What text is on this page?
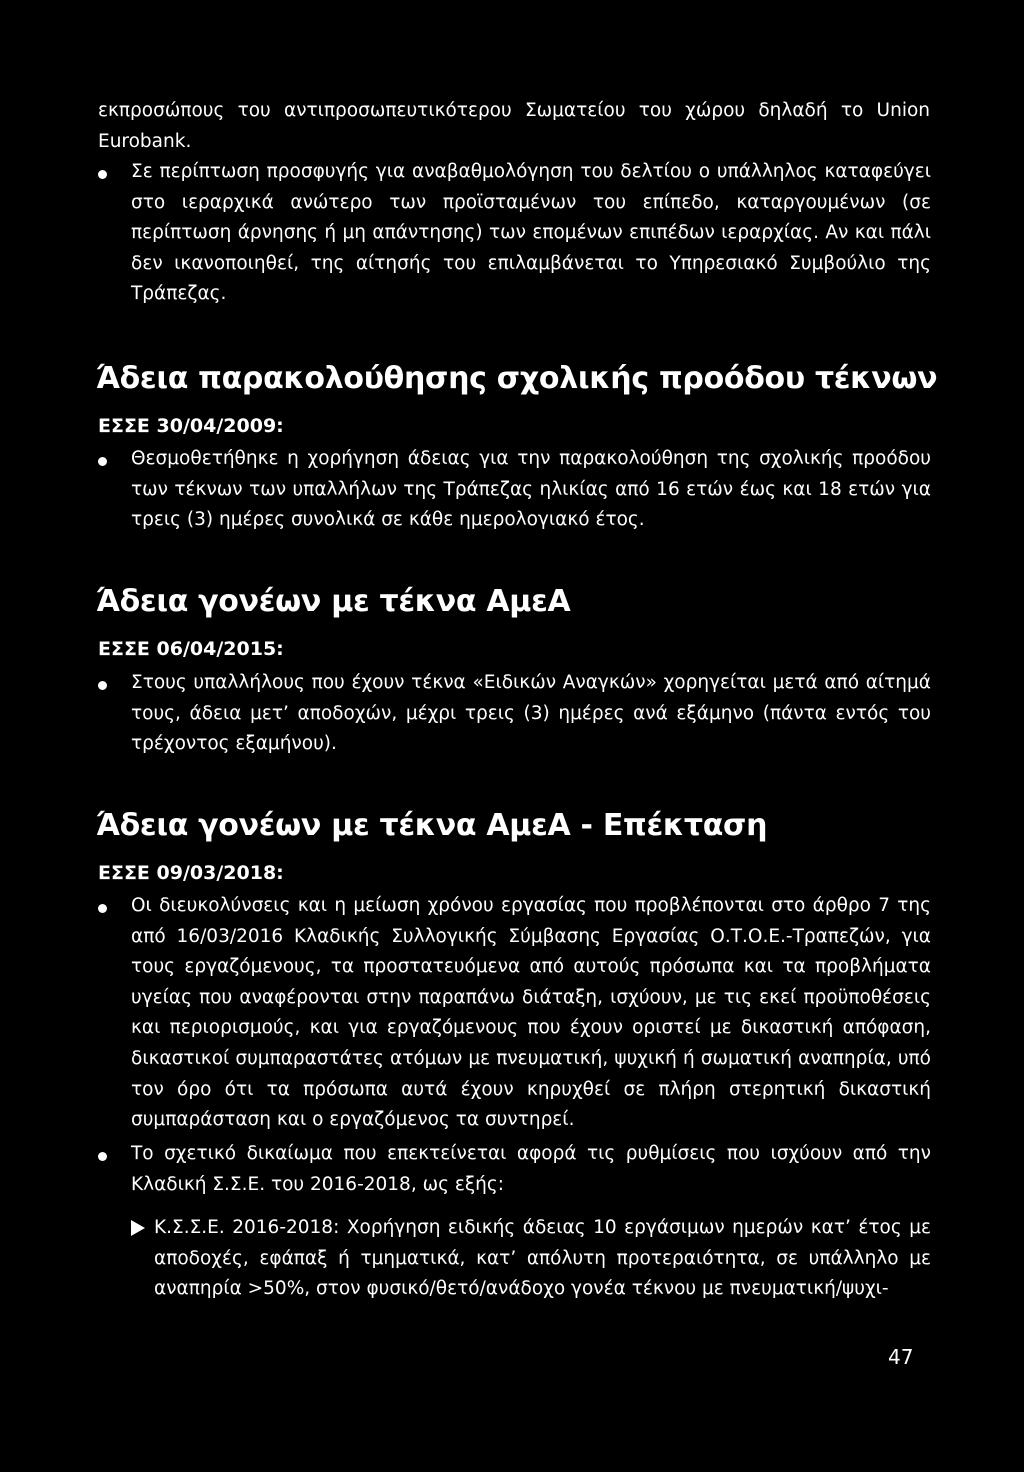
εκπροσώπους του αντιπροσωπευτικότερου Σωματείου του χώρου δηλαδή το Union Eurobank.
Σε περίπτωση προσφυγής για αναβαθμολόγηση του δελτίου ο υπάλληλος καταφεύγει στο ιεραρχικά ανώτερο των προϊσταμένων του επίπεδο, καταργουμένων (σε περίπτωση άρνησης ή μη απάντησης) των επομένων επιπέδων ιεραρχίας. Αν και πάλι δεν ικανοποιηθεί, της αίτησής του επιλαμβάνεται το Υπηρεσιακό Συμβούλιο της Τράπεζας.
Άδεια παρακολούθησης σχολικής προόδου τέκνων
ΕΣΣΕ 30/04/2009:
Θεσμοθετήθηκε η χορήγηση άδειας για την παρακολούθηση της σχολικής προόδου των τέκνων των υπαλλήλων της Τράπεζας ηλικίας από 16 ετών έως και 18 ετών για τρεις (3) ημέρες συνολικά σε κάθε ημερολογιακό έτος.
Άδεια γονέων με τέκνα ΑμεΑ
ΕΣΣΕ 06/04/2015:
Στους υπαλλήλους που έχουν τέκνα «Ειδικών Αναγκών» χορηγείται μετά από αίτημά τους, άδεια μετ’ αποδοχών, μέχρι τρεις (3) ημέρες ανά εξάμηνο (πάντα εντός του τρέχοντος εξαμήνου).
Άδεια γονέων με τέκνα ΑμεΑ - Επέκταση
ΕΣΣΕ 09/03/2018:
Οι διευκολύνσεις και η μείωση χρόνου εργασίας που προβλέπονται στο άρθρο 7 της από 16/03/2016 Κλαδικής Συλλογικής Σύμβασης Εργασίας Ο.Τ.Ο.Ε.-Τραπεζών, για τους εργαζόμενους, τα προστατευόμενα από αυτούς πρόσωπα και τα προβλήματα υγείας που αναφέρονται στην παραπάνω διάταξη, ισχύουν, με τις εκεί προϋποθέσεις και περιορισμούς, και για εργαζόμενους που έχουν οριστεί με δικαστική απόφαση, δικαστικοί συμπαραστάτες ατόμων με πνευματική, ψυχική ή σωματική αναπηρία, υπό τον όρο ότι τα πρόσωπα αυτά έχουν κηρυχθεί σε πλήρη στερητική δικαστική συμπαράσταση και ο εργαζόμενος τα συντηρεί.
Το σχετικό δικαίωμα που επεκτείνεται αφορά τις ρυθμίσεις που ισχύουν από την Κλαδική Σ.Σ.Ε. του 2016-2018, ως εξής:
Κ.Σ.Σ.Ε. 2016-2018: Χορήγηση ειδικής άδειας 10 εργάσιμων ημερών κατ’ έτος με αποδοχές, εφάπαξ ή τμηματικά, κατ’ απόλυτη προτεραιότητα, σε υπάλληλο με αναπηρία >50%, στον φυσικό/θετό/ανάδοχο γονέα τέκνου με πνευματική/ψυχι-
47
